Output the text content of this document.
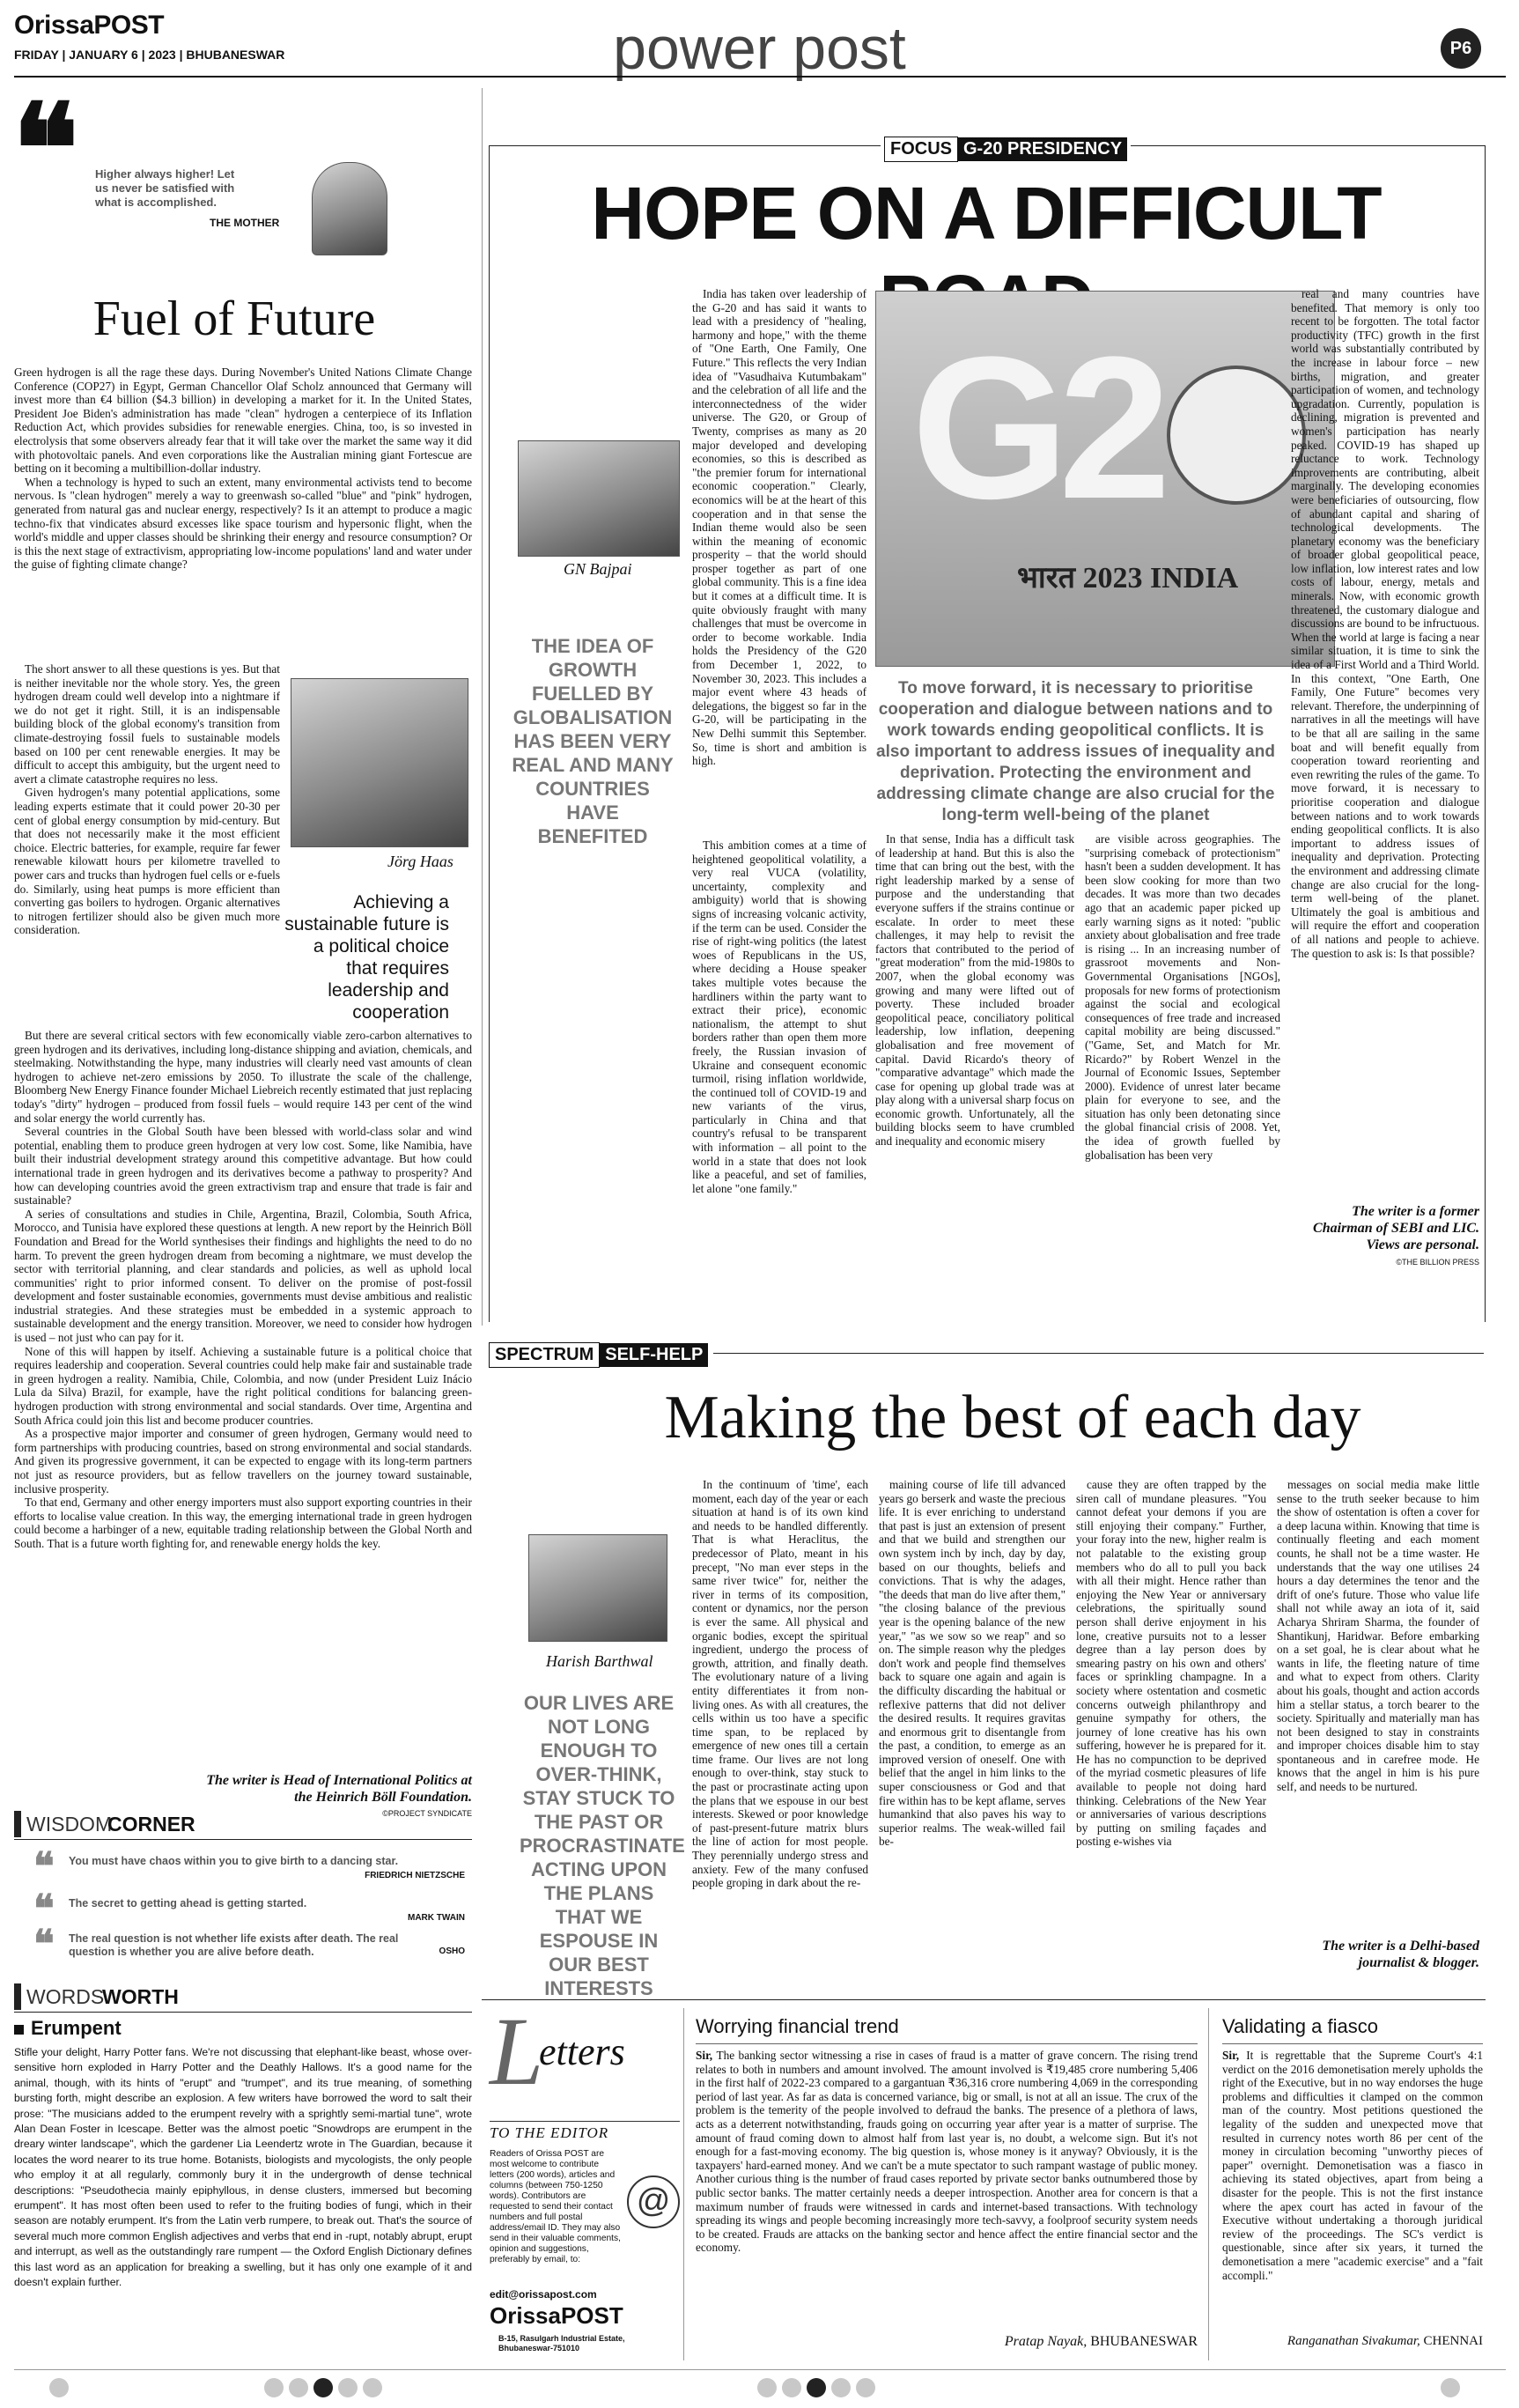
OrissaPOST
FRIDAY | JANUARY 6 | 2023 | BHUBANESWAR	power post	P6
❝ Higher always higher! Let us never be satisfied with what is accomplished.
THE MOTHER
Fuel of Future

Green hydrogen is all the rage these days. During November's United Nations Climate Change Conference (COP27) in Egypt, German Chancellor Olaf Scholz announced that Germany will invest more than €4 billion ($4.3 billion) in developing a market for it. In the United States, President Joe Biden's administration has made "clean" hydrogen a centerpiece of its Inflation Reduction Act, which provides subsidies for renewable energies. China, too, is so invested in electrolysis that some observers already fear that it will take over the market the same way it did with photovoltaic panels. And even corporations like the Australian mining giant Fortescue are betting on it becoming a multibillion-dollar industry.

When a technology is hyped to such an extent, many environmental activists tend to become nervous. Is "clean hydrogen" merely a way to greenwash so-called "blue" and "pink" hydrogen, generated from natural gas and nuclear energy, respectively? Is it an attempt to produce a magic techno-fix that vindicates absurd excesses like space tourism and hypersonic flight, when the world's middle and upper classes should be shrinking their energy and resource consumption? Or is this the next stage of extractivism, appropriating low-income populations' land and water under the guise of fighting climate change?

The short answer to all these questions is yes. But that is neither inevitable nor the whole story. Yes, the green hydrogen dream could well develop into a nightmare if we do not get it right. Still, it is an indispensable building block of the global economy's transition from climate-destroying fossil fuels to sustainable models based on 100 per cent renewable energies. It may be difficult to accept this ambiguity, but the urgent need to avert a climate catastrophe requires no less.

Given hydrogen's many potential applications, some leading experts estimate that it could power 20-30 per cent of global energy consumption by mid-century. But that does not necessarily make it the most efficient choice. Electric batteries, for example, require far fewer renewable kilowatt hours per kilometre travelled to power cars and trucks than hydrogen fuel cells or e-fuels do. Similarly, using heat pumps is more efficient than converting gas boilers to hydrogen. Organic alternatives to nitrogen fertilizer should also be given much more consideration.

Jörg Haas
Achieving a sustainable future is a political choice that requires leadership and cooperation

But there are several critical sectors with few economically viable zero-carbon alternatives to green hydrogen and its derivatives, including long-distance shipping and aviation, chemicals, and steelmaking. Notwithstanding the hype, many industries will clearly need vast amounts of clean hydrogen to achieve net-zero emissions by 2050. To illustrate the scale of the challenge, Bloomberg New Energy Finance founder Michael Liebreich recently estimated that just replacing today's "dirty" hydrogen – produced from fossil fuels – would require 143 per cent of the wind and solar energy the world currently has.

Several countries in the Global South have been blessed with world-class solar and wind potential, enabling them to produce green hydrogen at very low cost. Some, like Namibia, have built their industrial development strategy around this competitive advantage. But how could international trade in green hydrogen and its derivatives become a pathway to prosperity? And how can developing countries avoid the green extractivism trap and ensure that trade is fair and sustainable?

A series of consultations and studies in Chile, Argentina, Brazil, Colombia, South Africa, Morocco, and Tunisia have explored these questions at length. A new report by the Heinrich Böll Foundation and Bread for the World synthesises their findings and highlights the need to do no harm. To prevent the green hydrogen dream from becoming a nightmare, we must develop the sector with territorial planning, and clear standards and policies, as well as uphold local communities' right to prior informed consent. To deliver on the promise of post-fossil development and foster sustainable economies, governments must devise ambitious and realistic industrial strategies. And these strategies must be embedded in a systemic approach to sustainable development and the energy transition. Moreover, we need to consider how hydrogen is used – not just who can pay for it.

None of this will happen by itself. Achieving a sustainable future is a political choice that requires leadership and cooperation. Several countries could help make fair and sustainable trade in green hydrogen a reality. Namibia, Chile, Colombia, and now (under President Luiz Inácio Lula da Silva) Brazil, for example, have the right political conditions for balancing green-hydrogen production with strong environmental and social standards. Over time, Argentina and South Africa could join this list and become producer countries.

As a prospective major importer and consumer of green hydrogen, Germany would need to form partnerships with producing countries, based on strong environmental and social standards. And given its progressive government, it can be expected to engage with its long-term partners not just as resource providers, but as fellow travellers on the journey toward sustainable, inclusive prosperity.

To that end, Germany and other energy importers must also support exporting countries in their efforts to localise value creation. In this way, the emerging international trade in green hydrogen could become a harbinger of a new, equitable trading relationship between the Global North and South. That is a future worth fighting for, and renewable energy holds the key.

The writer is Head of International Politics at the Heinrich Böll Foundation.
©PROJECT SYNDICATE
WISDOM
CORNER
❝ You must have chaos within you to give birth to a dancing star.
FRIEDRICH NIETZSCHE
❝ The secret to getting ahead is getting started.
MARK TWAIN
❝ The real question is not whether life exists after death. The real question is whether you are alive before death.	OSHO
WORDS
WORTH
Erumpent
Stifle your delight, Harry Potter fans. We're not discussing that elephant-like beast, whose over-sensitive horn exploded in Harry Potter and the Deathly Hallows. It's a good name for the animal, though, with its hints of "erupt" and "trumpet", and its true meaning, of something bursting forth, might describe an explosion. A few writers have borrowed the word to salt their prose: "The musicians added to the erumpent revelry with a sprightly semi-martial tune", wrote Alan Dean Foster in Icescape. Better was the almost poetic "Snowdrops are erumpent in the dreary winter landscape", which the gardener Lia Leendertz wrote in The Guardian, because it locates the word nearer to its true home. Botanists, biologists and mycologists, the only people who employ it at all regularly, commonly bury it in the undergrowth of dense technical descriptions: "Pseudothecia mainly epiphyllous, in dense clusters, immersed but becoming erumpent". It has most often been used to refer to the fruiting bodies of fungi, which in their season are notably erumpent. It's from the Latin verb rumpere, to break out. That's the source of several much more common English adjectives and verbs that end in -rupt, notably abrupt, erupt and interrupt, as well as the outstandingly rare rumpent — the Oxford English Dictionary defines this last word as an application for breaking a swelling, but it has only one example of it and doesn't explain further.
FOCUS G-20 PRESIDENCY
HOPE ON A DIFFICULT
GN Bajpai
THE IDEA OF GROWTH FUELLED BY GLOBALISATION HAS BEEN VERY REAL AND MANY COUNTRIES HAVE BENEFITED

India has taken over leadership of the G-20 and has said it wants to lead with a presidency of "healing, harmony and hope," with the theme of "One Earth, One Family, One Future." This reflects the very Indian idea of "Vasudhaiva Kutumbakam" and the celebration of all life and the interconnectedness of the wider universe. The G20, or Group of Twenty, comprises as many as 20 major developed and developing economies, so this is described as "the premier forum for international economic cooperation." Clearly, economics will be at the heart of this cooperation and in that sense the Indian theme would also be seen within the meaning of economic prosperity – that the world should prosper together as part of one global community. This is a fine idea but it comes at a difficult time. It is quite obviously fraught with many challenges that must be overcome in order to become workable. India holds the Presidency of the G20 from December 1, 2022, to November 30, 2023. This includes a major event where 43 heads of delegations, the biggest so far in the G-20, will be participating in the New Delhi summit this September. So, time is short and ambition is high.

This ambition comes at a time of heightened geopolitical volatility, a very real VUCA (volatility, uncertainty, complexity and ambiguity) world that is showing signs of increasing volcanic activity, if the term can be used. Consider the rise of right-wing politics (the latest woes of Republicans in the US, where deciding a House speaker takes multiple votes because the hardliners within the party want to extract their price), economic nationalism, the attempt to shut borders rather than open them more freely, the Russian invasion of Ukraine and consequent economic turmoil, rising inflation worldwide, the continued toll of COVID-19 and new variants of the virus, particularly in China and that country's refusal to be transparent with information – all point to the world in a state that does not look like a peaceful, and set of families, let alone "one family."

G2
भारत 2023 INDIA
To move forward, it is necessary to prioritise cooperation and dialogue between nations and to work towards ending geopolitical conflicts. It is also important to address issues of inequality and deprivation. Protecting the environment and addressing climate change are also crucial for the long-term well-being of the planet

In that sense, India has a difficult task of leadership at hand. But this is also the time that can bring out the best, with the right leadership marked by a sense of purpose and the understanding that everyone suffers if the strains continue or escalate. In order to meet these challenges, it may help to revisit the factors that contributed to the period of "great moderation" from the mid-1980s to 2007, when the global economy was growing and many were lifted out of poverty. These included broader geopolitical peace, conciliatory political leadership, low inflation, deepening globalisation and free movement of capital. David Ricardo's theory of "comparative advantage" which made the case for opening up global trade was at play along with a universal sharp focus on economic growth. Unfortunately, all the building blocks seem to have crumbled and inequality and economic misery

are visible across geographies. The "surprising comeback of protectionism" hasn't been a sudden development. It has been slow cooking for more than two decades. It was more than two decades ago that an academic paper picked up early warning signs as it noted: "public anxiety about globalisation and free trade is rising ... In an increasing number of grassroot movements and Non-Governmental Organisations [NGOs], proposals for new forms of protectionism against the social and ecological consequences of free trade and increased capital mobility are being discussed." ("Game, Set, and Match for Mr. Ricardo?" by Robert Wenzel in the Journal of Economic Issues, September 2000). Evidence of unrest later became plain for everyone to see, and the situation has only been detonating since the global financial crisis of 2008. Yet, the idea of growth fuelled by globalisation has been very

real and many countries have benefited. That memory is only too recent to be forgotten. The total factor productivity (TFC) growth in the first world was substantially contributed by the increase in labour force – new births, migration, and greater participation of women, and technology upgradation. Currently, population is declining, migration is prevented and women's participation has nearly peaked. COVID-19 has shaped up reluctance to work. Technology improvements are contributing, albeit marginally. The developing economies were beneficiaries of outsourcing, flow of abundant capital and sharing of technological developments. The planetary economy was the beneficiary of broader global geopolitical peace, low inflation, low interest rates and low costs of labour, energy, metals and minerals. Now, with economic growth threatened, the customary dialogue and discussions are bound to be infructuous. When the world at large is facing a near similar situation, it is time to sink the idea of a First World and a Third World. In this context, "One Earth, One Family, One Future" becomes very relevant. Therefore, the underpinning of narratives in all the meetings will have to be that all are sailing in the same boat and will benefit equally from cooperation toward reorienting and even rewriting the rules of the game. To move forward, it is necessary to prioritise cooperation and dialogue between nations and to work towards ending geopolitical conflicts. It is also important to address issues of inequality and deprivation. Protecting the environment and addressing climate change are also crucial for the long-term well-being of the planet. Ultimately the goal is ambitious and will require the effort and cooperation of all nations and people to achieve. The question to ask is: Is that possible?

The writer is a former Chairman of SEBI and LIC. Views are personal.
©THE BILLION PRESS
SPECTRUM SELF-HELP
Making the best of each day
Harish Barthwal
OUR LIVES ARE NOT LONG ENOUGH TO OVER-THINK, STAY STUCK TO THE PAST OR PROCRASTINATE ACTING UPON THE PLANS THAT WE ESPOUSE IN OUR BEST INTERESTS

In the continuum of 'time', each moment, each day of the year or each situation at hand is of its own kind and needs to be handled differently. That is what Heraclitus, the predecessor of Plato, meant in his precept, "No man ever steps in the same river twice" for, neither the river in terms of its composition, content or dynamics, nor the person is ever the same. All physical and organic bodies, except the spiritual ingredient, undergo the process of growth, attrition, and finally death. The evolutionary nature of a living entity differentiates it from non-living ones. As with all creatures, the cells within us too have a specific time span, to be replaced by emergence of new ones till a certain time frame. Our lives are not long enough to over-think, stay stuck to the past or procrastinate acting upon the plans that we espouse in our best interests. Skewed or poor knowledge of past-present-future matrix blurs the line of action for most people. They perennially undergo stress and anxiety. Few of the many confused people groping in dark about the re-

maining course of life till advanced years go berserk and waste the precious life. It is ever enriching to understand that past is just an extension of present and that we build and strengthen our own system inch by inch, day by day, based on our thoughts, beliefs and convictions. That is why the adages, "the deeds that man do live after them," "the closing balance of the previous year is the opening balance of the new year," "as we sow so we reap" and so on. The simple reason why the pledges don't work and people find themselves back to square one again and again is the difficulty discarding the habitual or reflexive patterns that did not deliver the desired results. It requires gravitas and enormous grit to disentangle from the past, a condition, to emerge as an improved version of oneself. One with belief that the angel in him links to the super consciousness or God and that fire within has to be kept aflame, serves humankind that also paves his way to superior realms. The weak-willed fail be-

cause they are often trapped by the siren call of mundane pleasures. "You cannot defeat your demons if you are still enjoying their company." Further, your foray into the new, higher realm is not palatable to the existing group members who do all to pull you back with all their might. Hence rather than enjoying the New Year or anniversary celebrations, the spiritually sound person shall derive enjoyment in his lone, creative pursuits not to a lesser degree than a lay person does by smearing pastry on his own and others' faces or sprinkling champagne. In a society where ostentation and cosmetic concerns outweigh philanthropy and genuine sympathy for others, the journey of lone creative has his own suffering, however he is prepared for it. He has no compunction to be deprived of the myriad cosmetic pleasures of life available to people not doing hard thinking. Celebrations of the New Year or anniversaries of various descriptions by putting on smiling façades and posting e-wishes via

messages on social media make little sense to the truth seeker because to him the show of ostentation is often a cover for a deep lacuna within. Knowing that time is continually fleeting and each moment counts, he shall not be a time waster. He understands that the way one utilises 24 hours a day determines the tenor and the drift of one's future. Those who value life shall not while away an iota of it, said Acharya Shriram Sharma, the founder of Shantikunj, Haridwar. Before embarking on a set goal, he is clear about what he wants in life, the fleeting nature of time and what to expect from others. Clarity about his goals, thought and action accords him a stellar status, a torch bearer to the society. Spiritually and materially man has not been designed to stay in constraints and improper choices disable him to stay spontaneous and in carefree mode. He knows that the angel in him is his pure self, and needs to be nurtured.

The writer is a Delhi-based journalist & blogger.
L
etters
TO THE EDITOR
Readers of Orissa POST are most welcome to contribute letters (200 words), articles and columns (between 750-1250 words). Contributors are requested to send their contact numbers and full postal address/email ID. They may also send in their valuable comments, opinion and suggestions, preferably by email, to:
@
edit@orissapost.com
OrissaPOST
B-15, Rasulgarh Industrial Estate, Bhubaneswar-751010
Worrying financial trend

Sir, The banking sector witnessing a rise in cases of fraud is a matter of grave concern. The rising trend relates to both in numbers and amount involved. The amount involved is ₹19,485 crore numbering 5,406 in the first half of 2022-23 compared to a gargantuan ₹36,316 crore numbering 4,069 in the corresponding period of last year. As far as data is concerned variance, big or small, is not at all an issue. The crux of the problem is the temerity of the people involved to defraud the banks. The presence of a plethora of laws, acts as a deterrent notwithstanding, frauds going on occurring year after year is a matter of surprise. The amount of fraud coming down to almost half from last year is, no doubt, a welcome sign. But it's not enough for a fast-moving economy. The big question is, whose money is it anyway? Obviously, it is the taxpayers' hard-earned money. And we can't be a mute spectator to such rampant wastage of public money. Another curious thing is the number of fraud cases reported by private sector banks outnumbered those by public sector banks. The matter certainly needs a deeper introspection. Another area for concern is that a maximum number of frauds were witnessed in cards and internet-based transactions. With technology spreading its wings and people becoming increasingly more tech-savvy, a foolproof security system needs to be created. Frauds are attacks on the banking sector and hence affect the entire financial sector and the economy.

Pratap Nayak, BHUBANESWAR
Validating a fiasco

Sir, It is regrettable that the Supreme Court's 4:1 verdict on the 2016 demonetisation merely upholds the right of the Executive, but in no way endorses the huge problems and difficulties it clamped on the common man of the country. Most petitions questioned the legality of the sudden and unexpected move that resulted in currency notes worth 86 per cent of the money in circulation becoming "unworthy pieces of paper" overnight. Demonetisation was a fiasco in achieving its stated objectives, apart from being a disaster for the people. This is not the first instance where the apex court has acted in favour of the Executive without undertaking a thorough juridical review of the proceedings. The SC's verdict is questionable, since after six years, it turned the demonetisation a mere "academic exercise" and a "fait accompli."

Ranganathan Sivakumar, CHENNAI
